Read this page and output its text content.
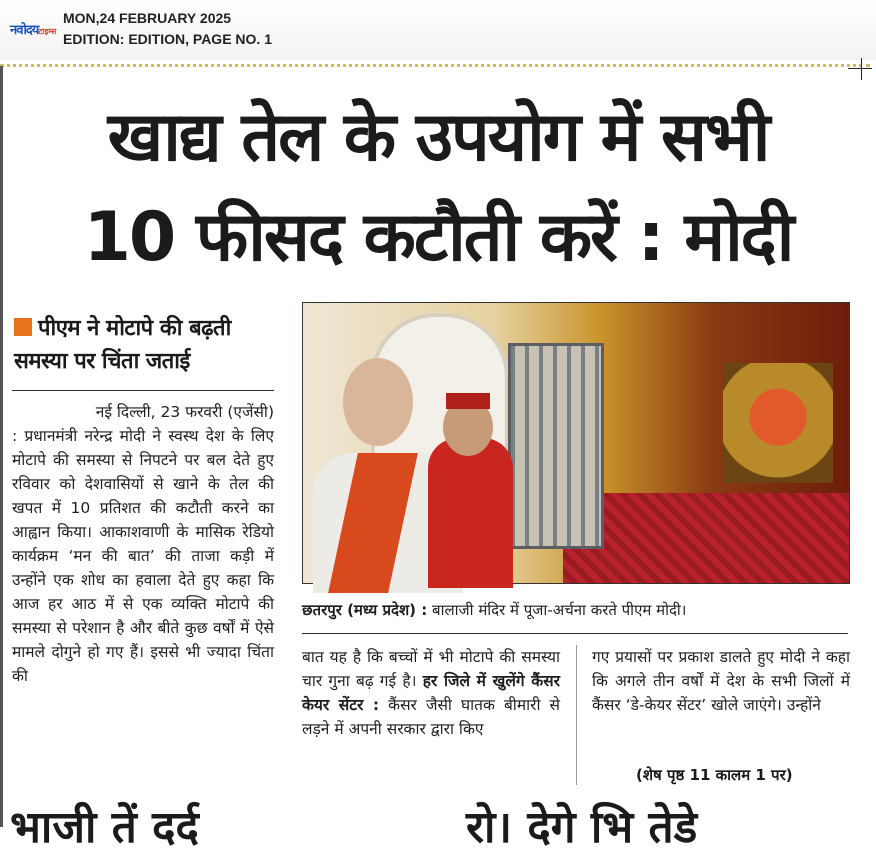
नवोदयटाइम्स
MON,24 FEBRUARY 2025
EDITION: EDITION, PAGE NO. 1
खाद्य तेल के उपयोग में सभी
10 फीसद कटौती करें : मोदी
पीएम ने मोटापे की बढ़ती समस्या पर चिंता जताई
नई दिल्ली, 23 फरवरी (एजेंसी)
: प्रधानमंत्री नरेन्द्र मोदी ने स्वस्थ देश के लिए मोटापे की समस्या से निपटने पर बल देते हुए रविवार को देशवासियों से खाने के तेल की खपत में 10 प्रतिशत की कटौती करने का आह्वान किया। आकाशवाणी के मासिक रेडियो कार्यक्रम ‘मन की बात’ की ताजा कड़ी में उन्होंने एक शोध का हवाला देते हुए कहा कि आज हर आठ में से एक व्यक्ति मोटापे की समस्या से परेशान है और बीते कुछ वर्षों में ऐसे मामले दोगुने हो गए हैं। इससे भी ज्यादा चिंता की
छतरपुर (मध्य प्रदेश) : बालाजी मंदिर में पूजा-अर्चना करते पीएम मोदी।
बात यह है कि बच्चों में भी मोटापे की समस्या चार गुना बढ़ गई है। हर जिले में खुलेंगे कैंसर केयर सेंटर : कैंसर जैसी घातक बीमारी से लड़ने में अपनी सरकार द्वारा किए
गए प्रयासों पर प्रकाश डालते हुए मोदी ने कहा कि अगले तीन वर्षों में देश के सभी जिलों में कैंसर ‘डे-केयर सेंटर’ खोले जाएंगे। उन्होंने
(शेष पृष्ठ 11 कालम 1 पर)
भाजी तें दर्द	रो। देगे भि तेडे
